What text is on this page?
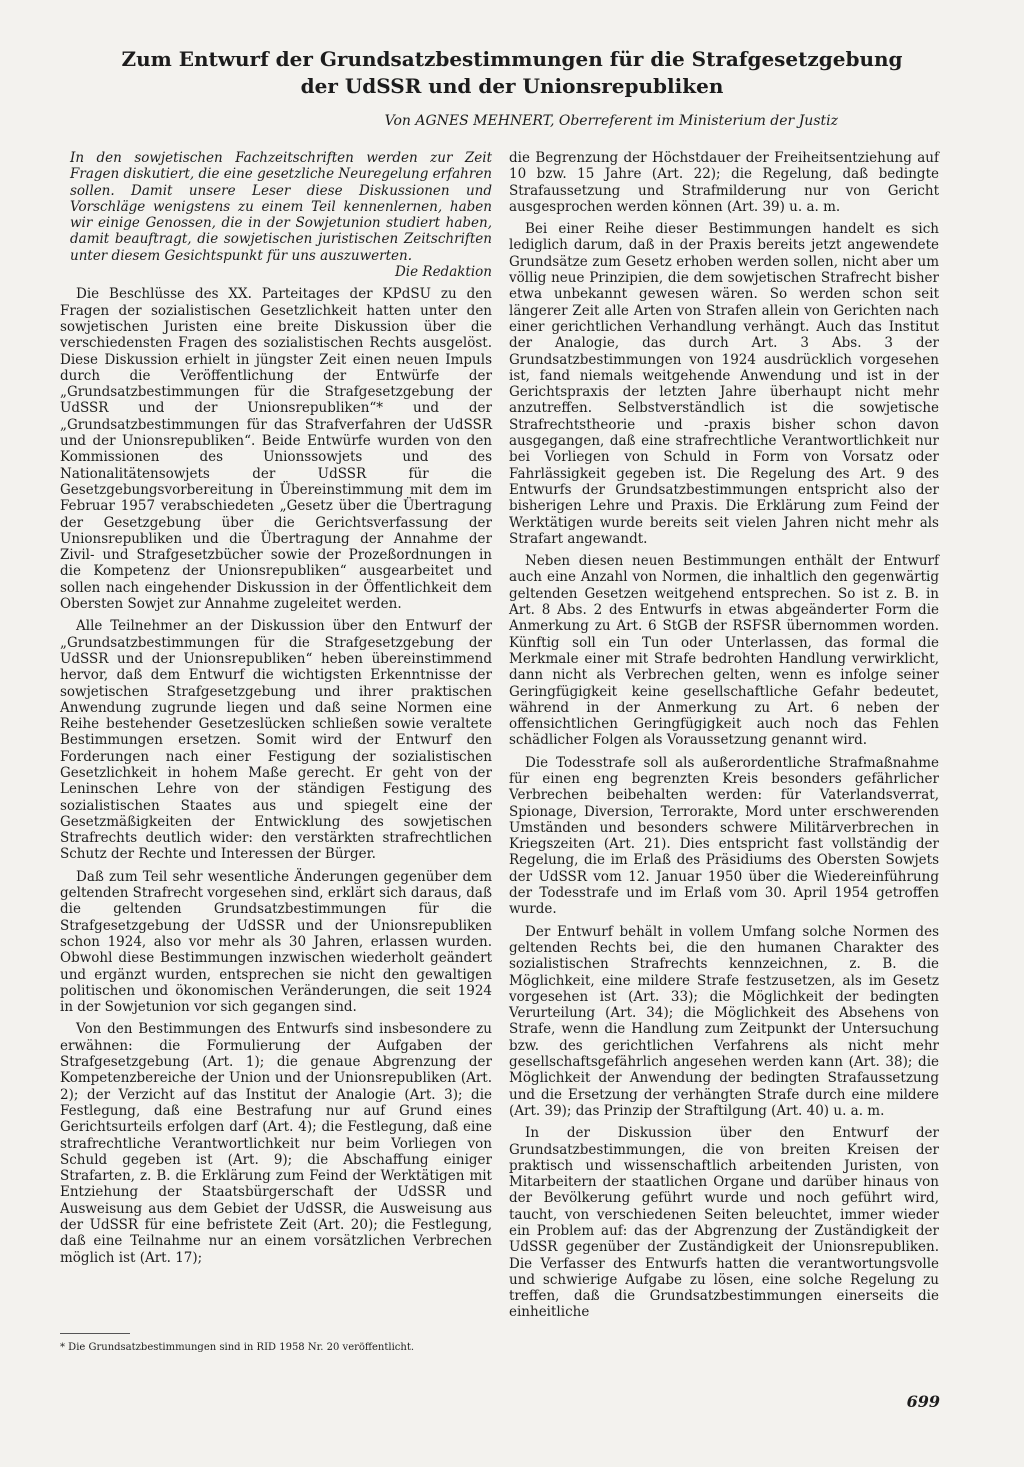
Zum Entwurf der Grundsatzbestimmungen für die Strafgesetzgebung
der UdSSR und der Unionsrepubliken
Von AGNES MEHNERT, Oberreferent im Ministerium der Justiz

In den sowjetischen Fachzeitschriften werden zur Zeit Fragen diskutiert, die eine gesetzliche Neuregelung erfahren sollen. Damit unsere Leser diese Diskussionen und Vorschläge wenigstens zu einem Teil kennenlernen, haben wir einige Genossen, die in der Sowjetunion studiert haben, damit beauftragt, die sowjetischen juristischen Zeitschriften unter diesem Gesichtspunkt für uns auszuwerten.

Die Redaktion

Die Beschlüsse des XX. Parteitages der KPdSU zu den Fragen der sozialistischen Gesetzlichkeit hatten unter den sowjetischen Juristen eine breite Diskussion über die verschiedensten Fragen des sozialistischen Rechts ausgelöst. Diese Diskussion erhielt in jüngster Zeit einen neuen Impuls durch die Veröffentlichung der Entwürfe der „Grundsatzbestimmungen für die Strafgesetzgebung der UdSSR und der Unionsrepubliken“* und der „Grundsatzbestimmungen für das Strafverfahren der UdSSR und der Unionsrepubliken“. Beide Entwürfe wurden von den Kommissionen des Unionssowjets und des Nationalitätensowjets der UdSSR für die Gesetzgebungsvorbereitung in Übereinstimmung mit dem im Februar 1957 verabschiedeten „Gesetz über die Übertragung der Gesetzgebung über die Gerichtsverfassung der Unionsrepubliken und die Übertragung der Annahme der Zivil- und Strafgesetzbücher sowie der Prozeßordnungen in die Kompetenz der Unionsrepubliken“ ausgearbeitet und sollen nach eingehender Diskussion in der Öffentlichkeit dem Obersten Sowjet zur Annahme zugeleitet werden.

Alle Teilnehmer an der Diskussion über den Entwurf der „Grundsatzbestimmungen für die Strafgesetzgebung der UdSSR und der Unionsrepubliken“ heben übereinstimmend hervor, daß dem Entwurf die wichtigsten Erkenntnisse der sowjetischen Strafgesetzgebung und ihrer praktischen Anwendung zugrunde liegen und daß seine Normen eine Reihe bestehender Gesetzeslücken schließen sowie veraltete Bestimmungen ersetzen. Somit wird der Entwurf den Forderungen nach einer Festigung der sozialistischen Gesetzlichkeit in hohem Maße gerecht. Er geht von der Leninschen Lehre von der ständigen Festigung des sozialistischen Staates aus und spiegelt eine der Gesetzmäßigkeiten der Entwicklung des sowjetischen Strafrechts deutlich wider: den verstärkten strafrechtlichen Schutz der Rechte und Interessen der Bürger.

Daß zum Teil sehr wesentliche Änderungen gegenüber dem geltenden Strafrecht vorgesehen sind, erklärt sich daraus, daß die geltenden Grundsatzbestimmungen für die Strafgesetzgebung der UdSSR und der Unionsrepubliken schon 1924, also vor mehr als 30 Jahren, erlassen wurden. Obwohl diese Bestimmungen inzwischen wiederholt geändert und ergänzt wurden, entsprechen sie nicht den gewaltigen politischen und ökonomischen Veränderungen, die seit 1924 in der Sowjetunion vor sich gegangen sind.

Von den Bestimmungen des Entwurfs sind insbesondere zu erwähnen: die Formulierung der Aufgaben der Strafgesetzgebung (Art. 1); die genaue Abgrenzung der Kompetenzbereiche der Union und der Unionsrepubliken (Art. 2); der Verzicht auf das Institut der Analogie (Art. 3); die Festlegung, daß eine Bestrafung nur auf Grund eines Gerichtsurteils erfolgen darf (Art. 4); die Festlegung, daß eine strafrechtliche Verantwortlichkeit nur beim Vorliegen von Schuld gegeben ist (Art. 9); die Abschaffung einiger Strafarten, z. B. die Erklärung zum Feind der Werktätigen mit Entziehung der Staatsbürgerschaft der UdSSR und Ausweisung aus dem Gebiet der UdSSR, die Ausweisung aus der UdSSR für eine befristete Zeit (Art. 20); die Festlegung, daß eine Teilnahme nur an einem vorsätzlichen Verbrechen möglich ist (Art. 17);

die Begrenzung der Höchstdauer der Freiheitsentziehung auf 10 bzw. 15 Jahre (Art. 22); die Regelung, daß bedingte Strafaussetzung und Strafmilderung nur von Gericht ausgesprochen werden können (Art. 39) u. a. m.

Bei einer Reihe dieser Bestimmungen handelt es sich lediglich darum, daß in der Praxis bereits jetzt angewendete Grundsätze zum Gesetz erhoben werden sollen, nicht aber um völlig neue Prinzipien, die dem sowjetischen Strafrecht bisher etwa unbekannt gewesen wären. So werden schon seit längerer Zeit alle Arten von Strafen allein von Gerichten nach einer gerichtlichen Verhandlung verhängt. Auch das Institut der Analogie, das durch Art. 3 Abs. 3 der Grundsatzbestimmungen von 1924 ausdrücklich vorgesehen ist, fand niemals weitgehende Anwendung und ist in der Gerichtspraxis der letzten Jahre überhaupt nicht mehr anzutreffen. Selbstverständlich ist die sowjetische Strafrechtstheorie und -praxis bisher schon davon ausgegangen, daß eine strafrechtliche Verantwortlichkeit nur bei Vorliegen von Schuld in Form von Vorsatz oder Fahrlässigkeit gegeben ist. Die Regelung des Art. 9 des Entwurfs der Grundsatzbestimmungen entspricht also der bisherigen Lehre und Praxis. Die Erklärung zum Feind der Werktätigen wurde bereits seit vielen Jahren nicht mehr als Strafart angewandt.

Neben diesen neuen Bestimmungen enthält der Entwurf auch eine Anzahl von Normen, die inhaltlich den gegenwärtig geltenden Gesetzen weitgehend entsprechen. So ist z. B. in Art. 8 Abs. 2 des Entwurfs in etwas abgeänderter Form die Anmerkung zu Art. 6 StGB der RSFSR übernommen worden. Künftig soll ein Tun oder Unterlassen, das formal die Merkmale einer mit Strafe bedrohten Handlung verwirklicht, dann nicht als Verbrechen gelten, wenn es infolge seiner Geringfügigkeit keine gesellschaftliche Gefahr bedeutet, während in der Anmerkung zu Art. 6 neben der offensichtlichen Geringfügigkeit auch noch das Fehlen schädlicher Folgen als Voraussetzung genannt wird.

Die Todesstrafe soll als außerordentliche Strafmaßnahme für einen eng begrenzten Kreis besonders gefährlicher Verbrechen beibehalten werden: für Vaterlandsverrat, Spionage, Diversion, Terrorakte, Mord unter erschwerenden Umständen und besonders schwere Militärverbrechen in Kriegszeiten (Art. 21). Dies entspricht fast vollständig der Regelung, die im Erlaß des Präsidiums des Obersten Sowjets der UdSSR vom 12. Januar 1950 über die Wiedereinführung der Todesstrafe und im Erlaß vom 30. April 1954 getroffen wurde.

Der Entwurf behält in vollem Umfang solche Normen des geltenden Rechts bei, die den humanen Charakter des sozialistischen Strafrechts kennzeichnen, z. B. die Möglichkeit, eine mildere Strafe festzusetzen, als im Gesetz vorgesehen ist (Art. 33); die Möglichkeit der bedingten Verurteilung (Art. 34); die Möglichkeit des Absehens von Strafe, wenn die Handlung zum Zeitpunkt der Untersuchung bzw. des gerichtlichen Verfahrens als nicht mehr gesellschaftsgefährlich angesehen werden kann (Art. 38); die Möglichkeit der Anwendung der bedingten Strafaussetzung und die Ersetzung der verhängten Strafe durch eine mildere (Art. 39); das Prinzip der Straftilgung (Art. 40) u. a. m.

In der Diskussion über den Entwurf der Grundsatzbestimmungen, die von breiten Kreisen der praktisch und wissenschaftlich arbeitenden Juristen, von Mitarbeitern der staatlichen Organe und darüber hinaus von der Bevölkerung geführt wurde und noch geführt wird, taucht, von verschiedenen Seiten beleuchtet, immer wieder ein Problem auf: das der Abgrenzung der Zuständigkeit der UdSSR gegenüber der Zuständigkeit der Unionsrepubliken. Die Verfasser des Entwurfs hatten die verantwortungsvolle und schwierige Aufgabe zu lösen, eine solche Regelung zu treffen, daß die Grundsatzbestimmungen einerseits die einheitliche

* Die Grundsatzbestimmungen sind in RID 1958 Nr. 20 veröffentlicht.
699
